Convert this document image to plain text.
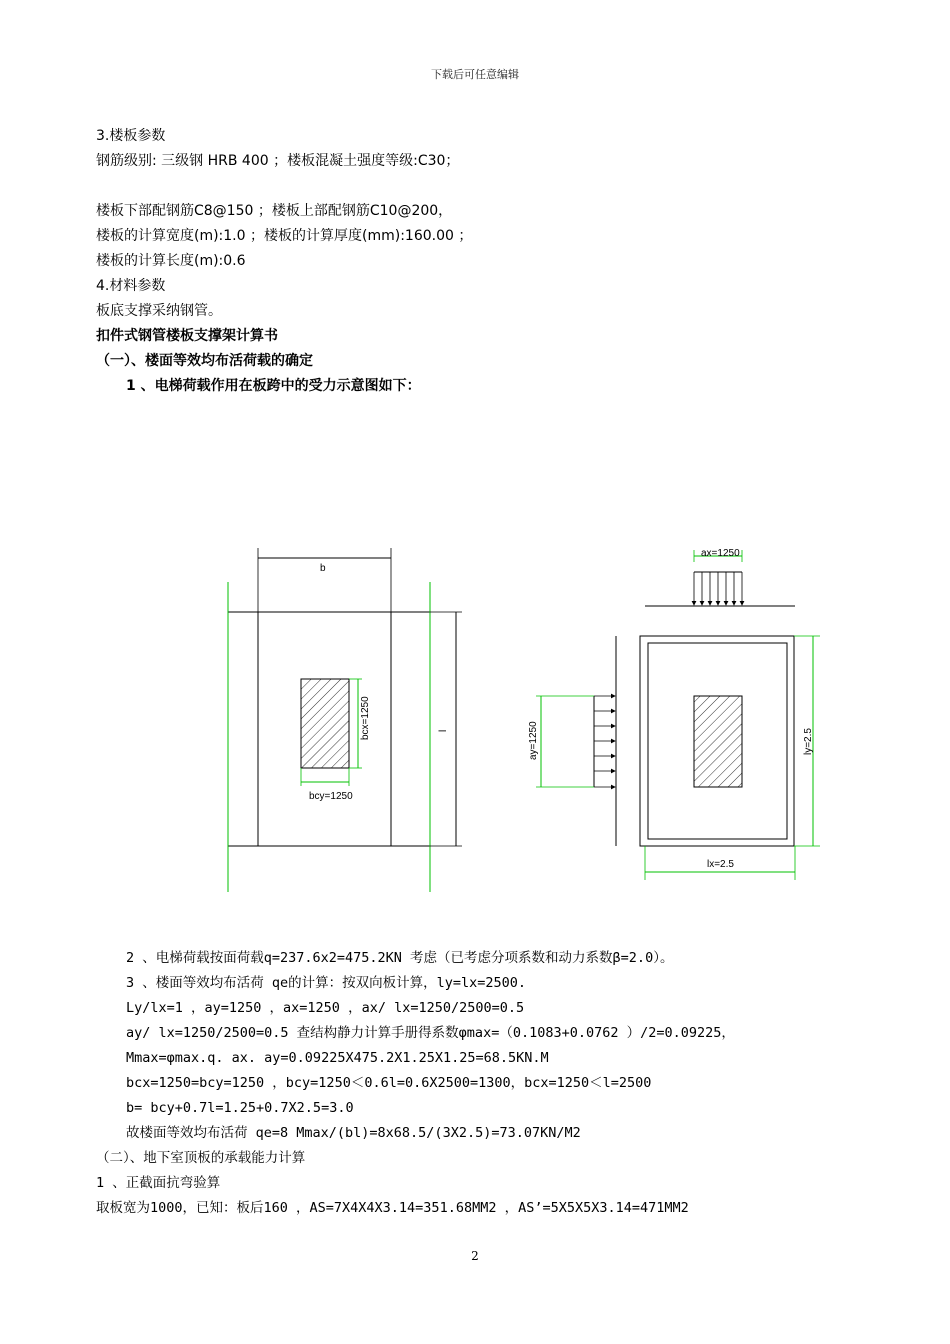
下载后可任意编辑
3.楼板参数
钢筋级别: 三级钢 HRB 400 ；楼板混凝土强度等级:C30；
楼板下部配钢筋C8@150 ；楼板上部配钢筋C10@200，
楼板的计算宽度(m):1.0 ；楼板的计算厚度(mm):160.00 ；
楼板的计算长度(m):0.6
4.材料参数
板底支撑采纳钢管。
扣件式钢管楼板支撑架计算书
（一）、楼面等效均布活荷载的确定
1 、电梯荷载作用在板跨中的受力示意图如下：
b
l
bcx=1250
bcy=1250
ax=1250
ay=1250	ly=2.5
lx=2.5
2 、电梯荷载按面荷载q=237.6x2=475.2KN 考虑（已考虑分项系数和动力系数β=2.0）。
3 、楼面等效均布活荷 qe的计算：按双向板计算，ly=lx=2500.
Ly/lx=1 ，ay=1250 ，ax=1250 ，ax/ lx=1250/2500=0.5
ay/ lx=1250/2500=0.5 查结构静力计算手册得系数φmax=（0.1083+0.0762 ）/2=0.09225，
Mmax=φmax.q. ax. ay=0.09225X475.2X1.25X1.25=68.5KN.M
bcx=1250=bcy=1250 ，bcy=1250＜0.6l=0.6X2500=1300，bcx=1250＜l=2500
b= bcy+0.7l=1.25+0.7X2.5=3.0
故楼面等效均布活荷 qe=8 Mmax/(bl)=8x68.5/(3X2.5)=73.07KN/M2
（二）、地下室顶板的承载能力计算
1 、正截面抗弯验算
取板宽为1000，已知：板后160 ，AS=7X4X4X3.14=351.68MM2 ，AS’=5X5X5X3.14=471MM2
2
